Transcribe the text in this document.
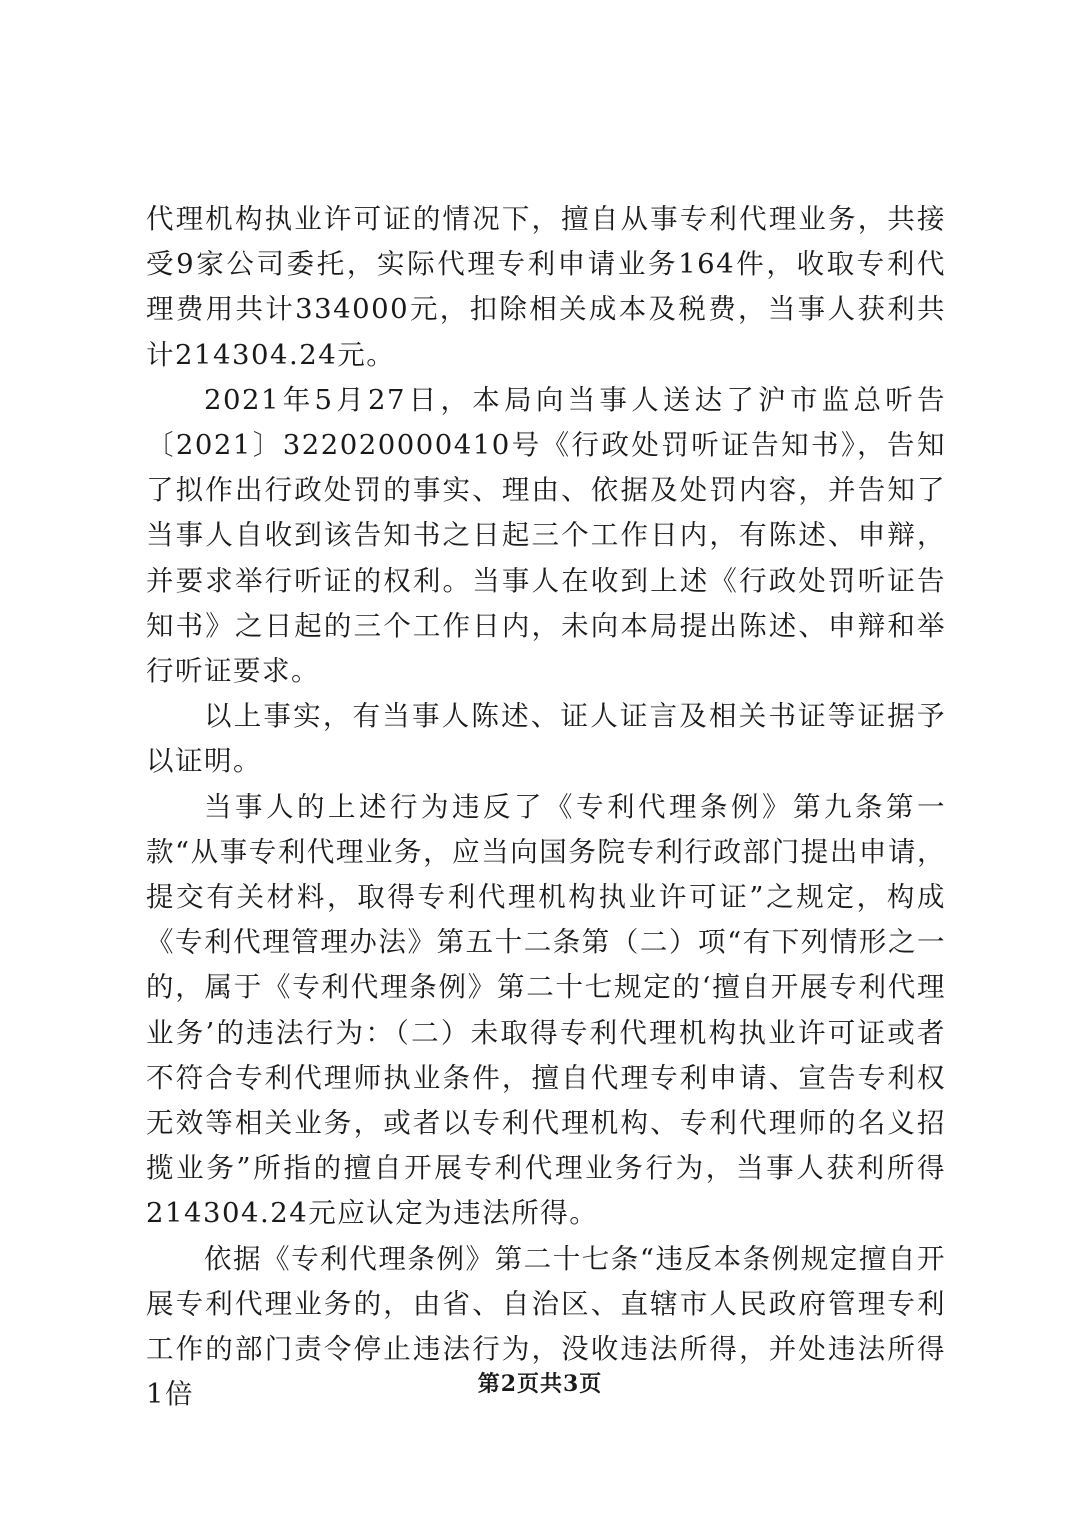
代理机构执业许可证的情况下，擅自从事专利代理业务，共接受9家公司委托，实际代理专利申请业务164件，收取专利代理费用共计334000元，扣除相关成本及税费，当事人获利共计214304.24元。

2021年5月27日，本局向当事人送达了沪市监总听告〔2021〕322020000410号《行政处罚听证告知书》，告知了拟作出行政处罚的事实、理由、依据及处罚内容，并告知了当事人自收到该告知书之日起三个工作日内，有陈述、申辩，并要求举行听证的权利。当事人在收到上述《行政处罚听证告知书》之日起的三个工作日内，未向本局提出陈述、申辩和举行听证要求。

以上事实，有当事人陈述、证人证言及相关书证等证据予以证明。

当事人的上述行为违反了《专利代理条例》第九条第一款“从事专利代理业务，应当向国务院专利行政部门提出申请，提交有关材料，取得专利代理机构执业许可证”之规定，构成《专利代理管理办法》第五十二条第（二）项“有下列情形之一的，属于《专利代理条例》第二十七规定的‘擅自开展专利代理业务’的违法行为：（二）未取得专利代理机构执业许可证或者不符合专利代理师执业条件，擅自代理专利申请、宣告专利权无效等相关业务，或者以专利代理机构、专利代理师的名义招揽业务”所指的擅自开展专利代理业务行为，当事人获利所得214304.24元应认定为违法所得。

依据《专利代理条例》第二十七条“违反本条例规定擅自开展专利代理业务的，由省、自治区、直辖市人民政府管理专利工作的部门责令停止违法行为，没收违法所得，并处违法所得1倍	第2页共3页
